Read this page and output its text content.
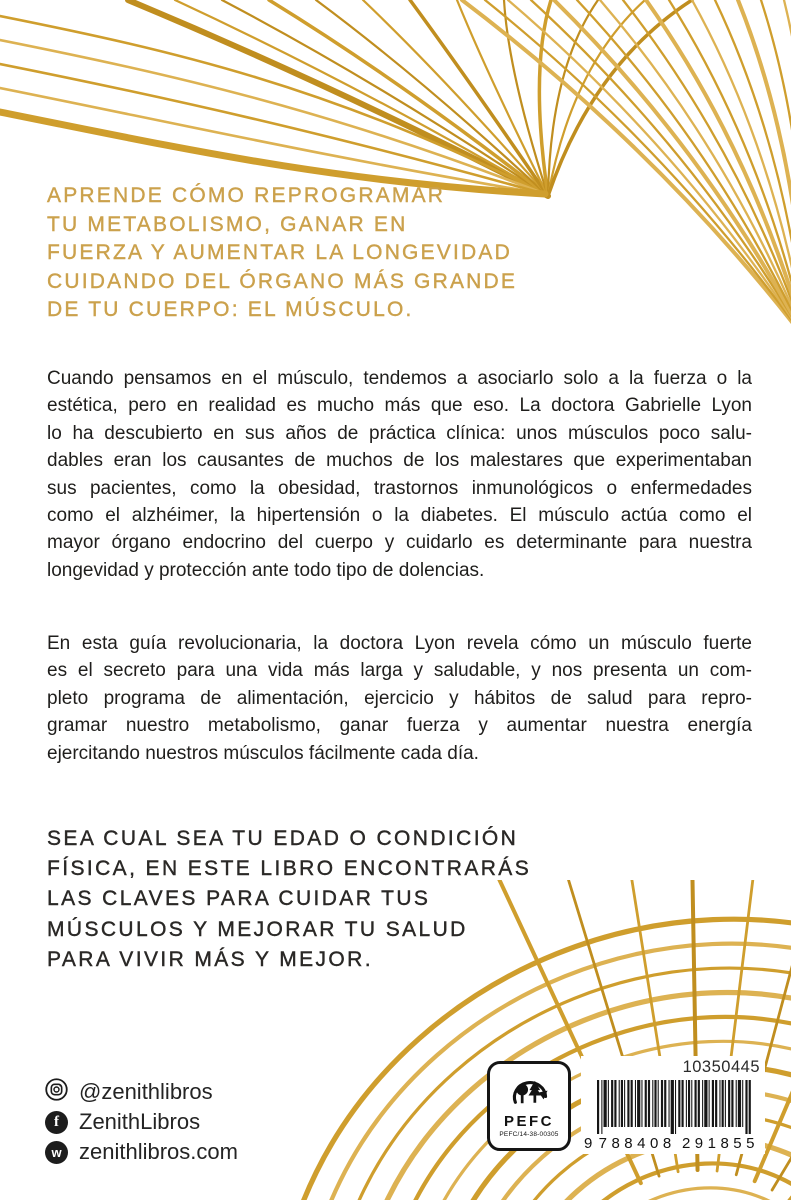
APRENDE CÓMO REPROGRAMAR
TU METABOLISMO, GANAR EN
FUERZA Y AUMENTAR LA LONGEVIDAD
CUIDANDO DEL ÓRGANO MÁS GRANDE
DE TU CUERPO: EL MÚSCULO.
Cuando pensamos en el músculo, tendemos a asociarlo solo a la fuerza o la
estética, pero en realidad es mucho más que eso. La doctora Gabrielle Lyon
lo ha descubierto en sus años de práctica clínica: unos músculos poco salu-
dables eran los causantes de muchos de los malestares que experimentaban
sus pacientes, como la obesidad, trastornos inmunológicos o enfermedades
como el alzhéimer, la hipertensión o la diabetes. El músculo actúa como el
mayor órgano endocrino del cuerpo y cuidarlo es determinante para nuestra
longevidad y protección ante todo tipo de dolencias.
En esta guía revolucionaria, la doctora Lyon revela cómo un músculo fuerte
es el secreto para una vida más larga y saludable, y nos presenta un com-
pleto programa de alimentación, ejercicio y hábitos de salud para repro-
gramar nuestro metabolismo, ganar fuerza y aumentar nuestra energía
ejercitando nuestros músculos fácilmente cada día.
SEA CUAL SEA TU EDAD O CONDICIÓN
FÍSICA, EN ESTE LIBRO ENCONTRARÁS
LAS CLAVES PARA CUIDAR TUS
MÚSCULOS Y MEJORAR TU SALUD
PARA VIVIR MÁS Y MEJOR.
@zenithlibros
f ZenithLibros
w zenithlibros.com
PEFC
PEFC/14-38-00305
10350445
9 788408 291855
